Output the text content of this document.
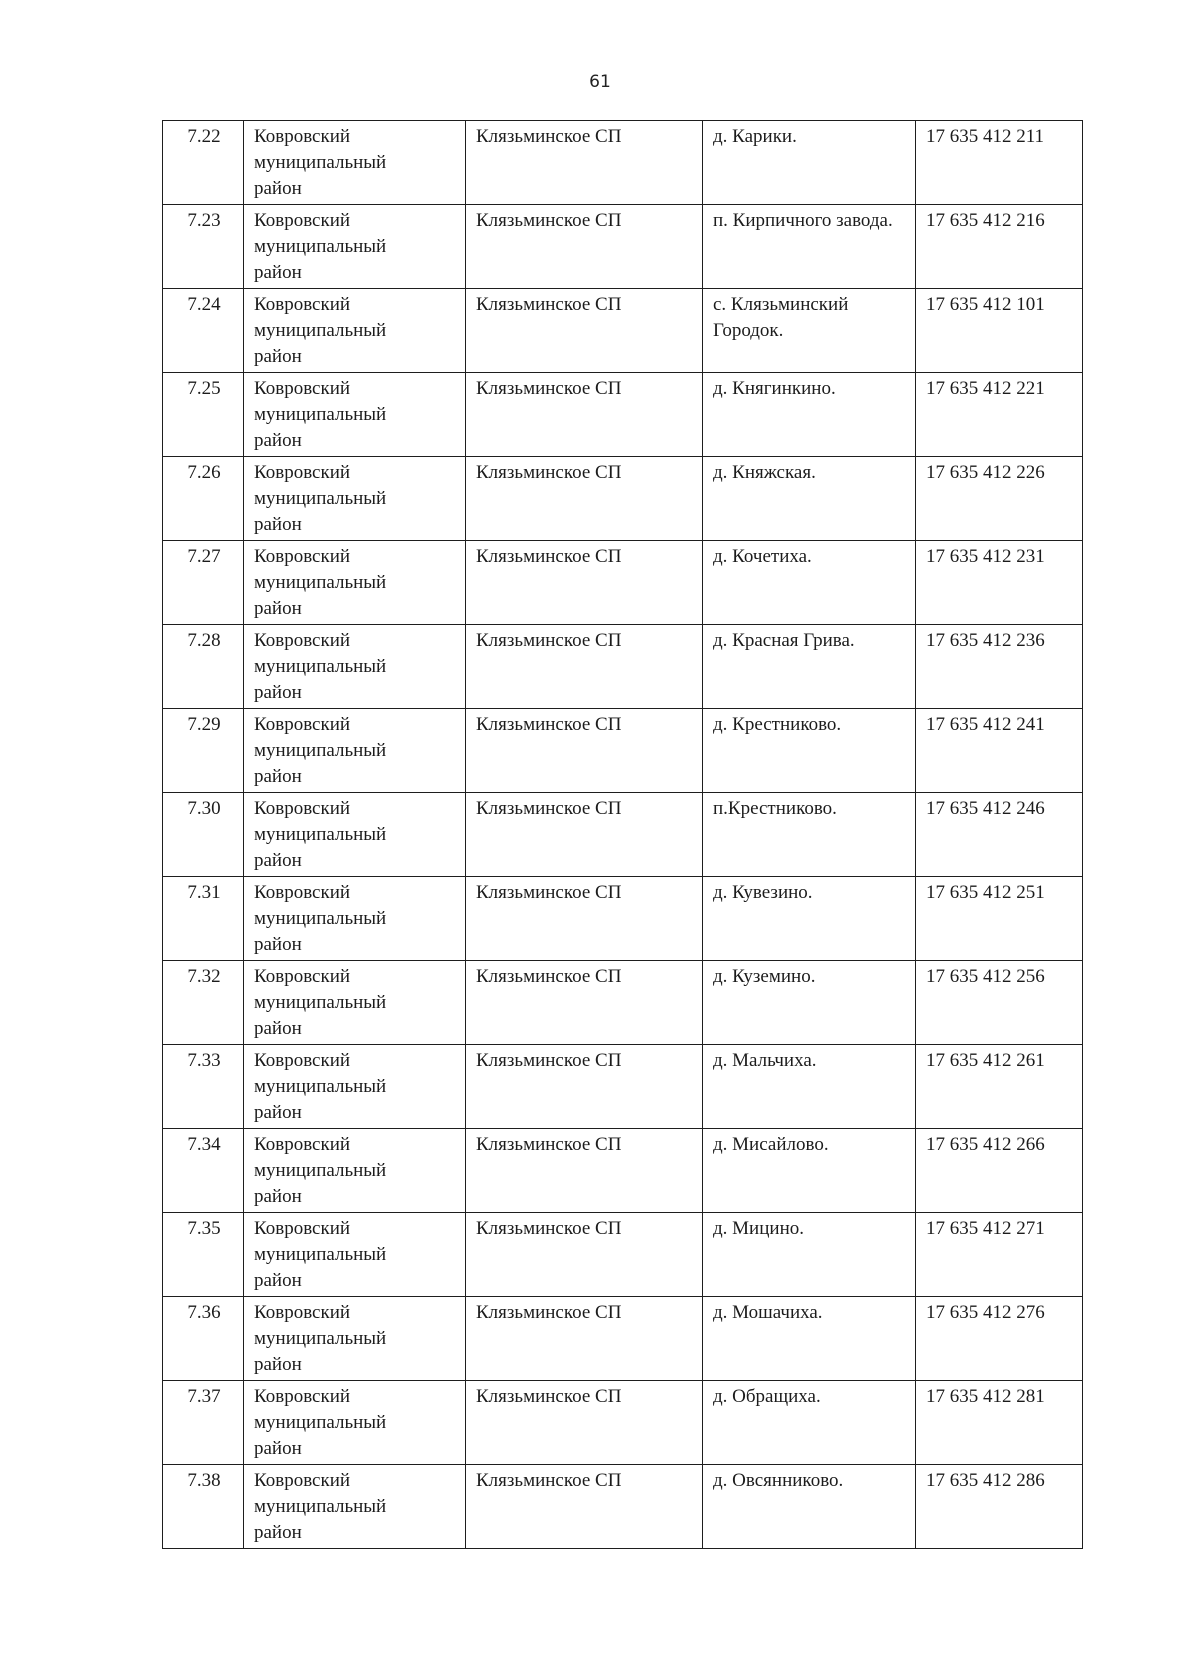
61
7.22	Ковровский
муниципальный
район	Клязьминское СП	д. Карики.	17 635 412 211
7.23	Ковровский
муниципальный
район	Клязьминское СП	п. Кирпичного завода.	17 635 412 216
7.24	Ковровский
муниципальный
район	Клязьминское СП	с. Клязьминский Городок.	17 635 412 101
7.25	Ковровский
муниципальный
район	Клязьминское СП	д. Княгинкино.	17 635 412 221
7.26	Ковровский
муниципальный
район	Клязьминское СП	д. Княжская.	17 635 412 226
7.27	Ковровский
муниципальный
район	Клязьминское СП	д. Кочетиха.	17 635 412 231
7.28	Ковровский
муниципальный
район	Клязьминское СП	д. Красная Грива.	17 635 412 236
7.29	Ковровский
муниципальный
район	Клязьминское СП	д. Крестниково.	17 635 412 241
7.30	Ковровский
муниципальный
район	Клязьминское СП	п.Крестниково.	17 635 412 246
7.31	Ковровский
муниципальный
район	Клязьминское СП	д. Кувезино.	17 635 412 251
7.32	Ковровский
муниципальный
район	Клязьминское СП	д. Куземино.	17 635 412 256
7.33	Ковровский
муниципальный
район	Клязьминское СП	д. Мальчиха.	17 635 412 261
7.34	Ковровский
муниципальный
район	Клязьминское СП	д. Мисайлово.	17 635 412 266
7.35	Ковровский
муниципальный
район	Клязьминское СП	д. Мицино.	17 635 412 271
7.36	Ковровский
муниципальный
район	Клязьминское СП	д. Мошачиха.	17 635 412 276
7.37	Ковровский
муниципальный
район	Клязьминское СП	д. Обращиха.	17 635 412 281
7.38	Ковровский
муниципальный
район	Клязьминское СП	д. Овсянниково.	17 635 412 286
